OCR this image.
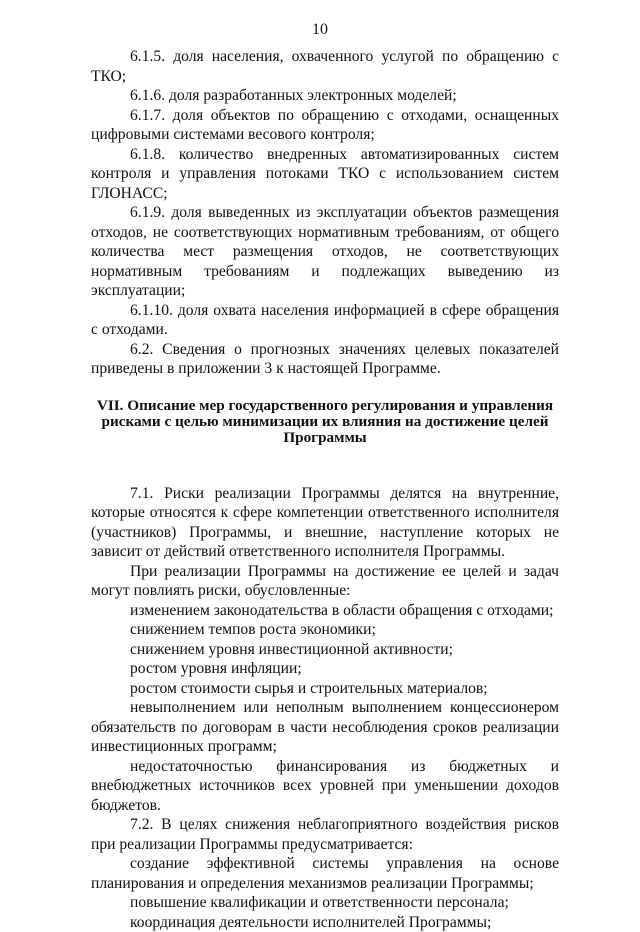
10

6.1.5. доля населения, охваченного услугой по обращению с ТКО;

6.1.6. доля разработанных электронных моделей;

6.1.7. доля объектов по обращению с отходами, оснащенных цифровыми системами весового контроля;

6.1.8. количество внедренных автоматизированных систем контроля и управления потоками ТКО с использованием систем ГЛОНАСС;

6.1.9. доля выведенных из эксплуатации объектов размещения отходов, не соответствующих нормативным требованиям, от общего количества мест размещения отходов, не соответствующих нормативным требованиям и подлежащих выведению из эксплуатации;

6.1.10. доля охвата населения информацией в сфере обращения с отходами.

6.2. Сведения о прогнозных значениях целевых показателей приведены в приложении 3 к настоящей Программе.

VII. Описание мер государственного регулирования и управления
рисками с целью минимизации их влияния на достижение целей
Программы

7.1. Риски реализации Программы делятся на внутренние, которые относятся к сфере компетенции ответственного исполнителя (участников) Программы, и внешние, наступление которых не зависит от действий ответственного исполнителя Программы.

При реализации Программы на достижение ее целей и задач могут повлиять риски, обусловленные:

изменением законодательства в области обращения с отходами;

снижением темпов роста экономики;

снижением уровня инвестиционной активности;

ростом уровня инфляции;

ростом стоимости сырья и строительных материалов;

невыполнением или неполным выполнением концессионером обязательств по договорам в части несоблюдения сроков реализации инвестиционных программ;

недостаточностью финансирования из бюджетных и внебюджетных источников всех уровней при уменьшении доходов бюджетов.

7.2. В целях снижения неблагоприятного воздействия рисков при реализации Программы предусматривается:

создание эффективной системы управления на основе планирования и определения механизмов реализации Программы;

повышение квалификации и ответственности персонала;

координация деятельности исполнителей Программы;
